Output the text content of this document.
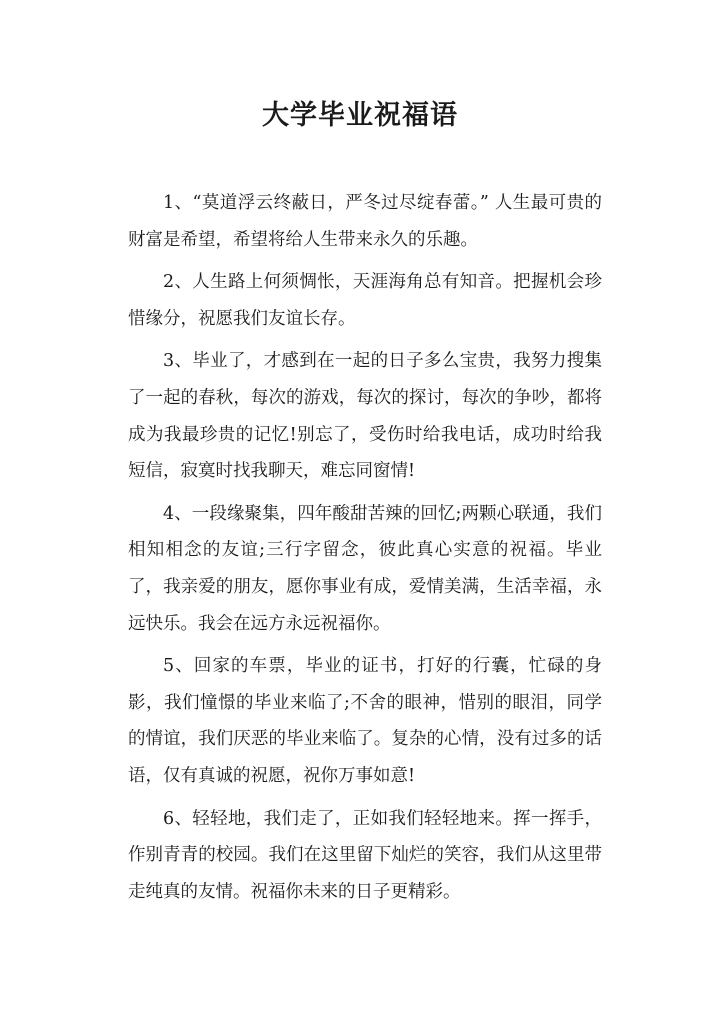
大学毕业祝福语

1、“莫道浮云终蔽日，严冬过尽绽春蕾。” 人生最可贵的财富是希望，希望将给人生带来永久的乐趣。

2、人生路上何须惆怅，天涯海角总有知音。把握机会珍惜缘分，祝愿我们友谊长存。

3、毕业了，才感到在一起的日子多么宝贵，我努力搜集了一起的春秋，每次的游戏，每次的探讨，每次的争吵，都将成为我最珍贵的记忆!别忘了，受伤时给我电话，成功时给我短信，寂寞时找我聊天，难忘同窗情!

4、一段缘聚集，四年酸甜苦辣的回忆;两颗心联通，我们相知相念的友谊;三行字留念，彼此真心实意的祝福。毕业了，我亲爱的朋友，愿你事业有成，爱情美满，生活幸福，永远快乐。我会在远方永远祝福你。

5、回家的车票，毕业的证书，打好的行囊，忙碌的身影，我们憧憬的毕业来临了;不舍的眼神，惜别的眼泪，同学的情谊，我们厌恶的毕业来临了。复杂的心情，没有过多的话语，仅有真诚的祝愿，祝你万事如意!

6、轻轻地，我们走了，正如我们轻轻地来。挥一挥手，作别青青的校园。我们在这里留下灿烂的笑容，我们从这里带走纯真的友情。祝福你未来的日子更精彩。
